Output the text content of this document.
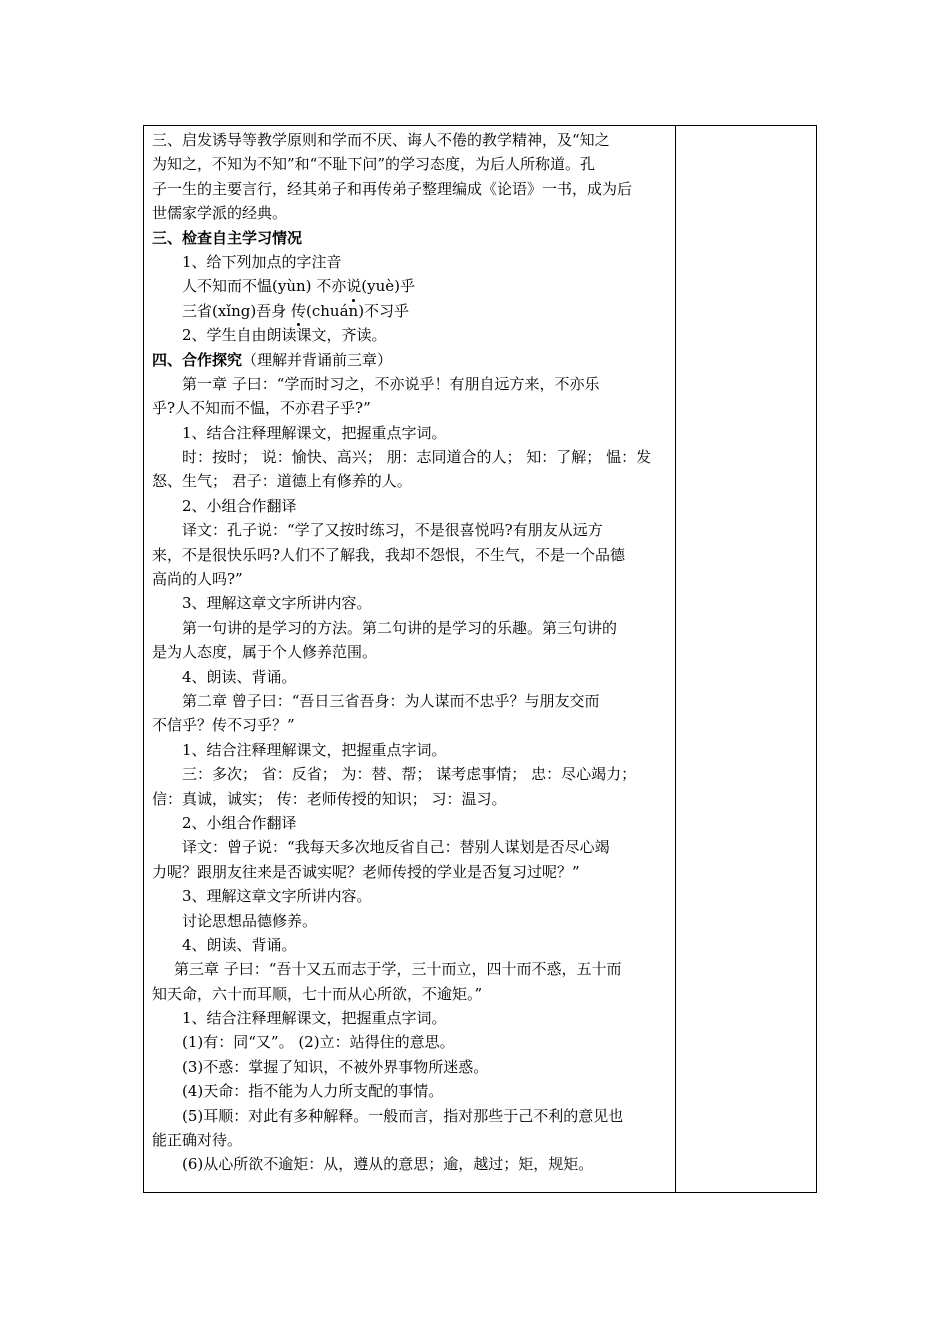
三、启发诱导等教学原则和学而不厌、诲人不倦的教学精神，及“知之
为知之，不知为不知”和“不耻下问”的学习态度，为后人所称道。孔
子一生的主要言行，经其弟子和再传弟子整理编成《论语》一书，成为后
世儒家学派的经典。
三、检查自主学习情况
1、给下列加点的字注音
人不知而不愠(yùn) 不亦说(yuè)乎
三省(xǐng)吾身 传(chuán)不习乎
2、学生自由朗读课文，齐读。
四、合作探究（理解并背诵前三章）
第一章 子曰：“学而时习之，不亦说乎！有朋自远方来，不亦乐
乎?人不知而不愠，不亦君子乎?”
1、结合注释理解课文，把握重点字词。
时：按时； 说：愉快、高兴； 朋：志同道合的人； 知：了解； 愠：发
怒、生气； 君子：道德上有修养的人。
2、小组合作翻译
译文：孔子说：“学了又按时练习，不是很喜悦吗?有朋友从远方
来，不是很快乐吗?人们不了解我，我却不怨恨，不生气，不是一个品德
高尚的人吗?”
3、理解这章文字所讲内容。
第一句讲的是学习的方法。第二句讲的是学习的乐趣。第三句讲的
是为人态度，属于个人修养范围。
4、朗读、背诵。
第二章 曾子曰：“吾日三省吾身：为人谋而不忠乎？与朋友交而
不信乎？传不习乎？”
1、结合注释理解课文，把握重点字词。
三：多次； 省：反省； 为：替、帮； 谋考虑事情； 忠：尽心竭力；
信：真诚，诚实； 传：老师传授的知识； 习：温习。
2、小组合作翻译
译文：曾子说：“我每天多次地反省自己：替别人谋划是否尽心竭
力呢？跟朋友往来是否诚实呢？老师传授的学业是否复习过呢？”
3、理解这章文字所讲内容。
讨论思想品德修养。
4、朗读、背诵。
第三章 子曰：“吾十又五而志于学，三十而立，四十而不惑，五十而
知天命，六十而耳顺，七十而从心所欲，不逾矩。”
1、结合注释理解课文，把握重点字词。
(1)有：同“又”。 (2)立：站得住的意思。
(3)不惑：掌握了知识，不被外界事物所迷惑。
(4)天命：指不能为人力所支配的事情。
(5)耳顺：对此有多种解释。一般而言，指对那些于己不利的意见也
能正确对待。
(6)从心所欲不逾矩：从，遵从的意思；逾，越过；矩，规矩。
